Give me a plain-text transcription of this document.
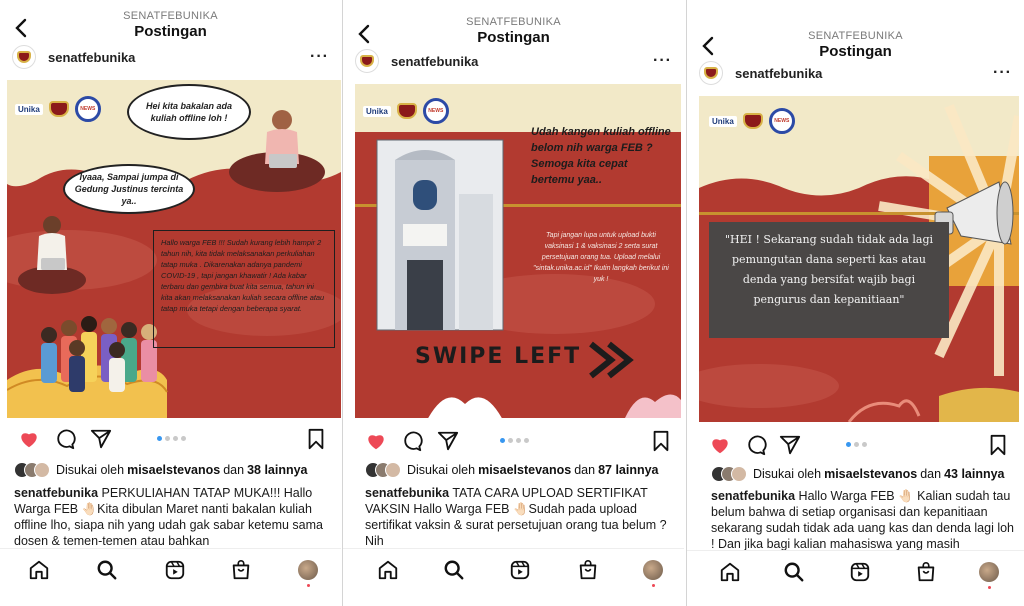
SENATFEBUNIKA
Postingan
senatfebunika	···
Unika	NEWS	Hei kita bakalan ada kuliah offline loh !
Iyaaa, Sampai jumpa di Gedung Justinus tercinta ya..
Hallo warga FEB !!! Sudah kurang lebih hampir 2 tahun nih, kita tidak melaksanakan perkuliahan tatap muka . Dikarenakan adanya pandemi COVID-19 , tapi jangan khawatir ! Ada kabar terbaru dan gembira buat kita semua, tahun ini kita akan melaksanakan kuliah secara offline atau tatap muka tetapi dengan beberapa syarat.
Disukai oleh misaelstevanos dan 38 lainnya
senatfebunika PERKULIAHAN TATAP MUKA!!! Hallo Warga FEB 🤚🏻Kita dibulan Maret nanti bakalan kuliah offline lho, siapa nih yang udah gak sabar ketemu sama dosen & temen-temen atau bahkan
SENATFEBUNIKA
Postingan
senatfebunika	···
Unika	NEWS
Udah kangen kuliah offline belom nih warga FEB ? Semoga kita cepat bertemu yaa..
Tapi jangan lupa untuk upload bukti vaksinasi 1 & vaksinasi 2 serta surat persetujuan orang tua. Upload melalui "sintak.unika.ac.id" Ikutin langkah berikut ini yuk !
SWIPE LEFT
Disukai oleh misaelstevanos dan 87 lainnya
senatfebunika TATA CARA UPLOAD SERTIFIKAT VAKSIN Hallo Warga FEB 🤚🏻Sudah pada upload sertifikat vaksin & surat persetujuan orang tua belum ? Nih
SENATFEBUNIKA
Postingan
senatfebunika	···
Unika	NEWS
"HEI ! Sekarang sudah tidak ada lagi pemungutan dana seperti kas atau denda yang bersifat wajib bagi pengurus dan kepanitiaan"
Disukai oleh misaelstevanos dan 43 lainnya
senatfebunika Hallo Warga FEB 🤚🏻 Kalian sudah tau belum bahwa di setiap organisasi dan kepanitiaan sekarang sudah tidak ada uang kas dan denda lagi loh ! Dan jika bagi kalian mahasiswa yang masih
